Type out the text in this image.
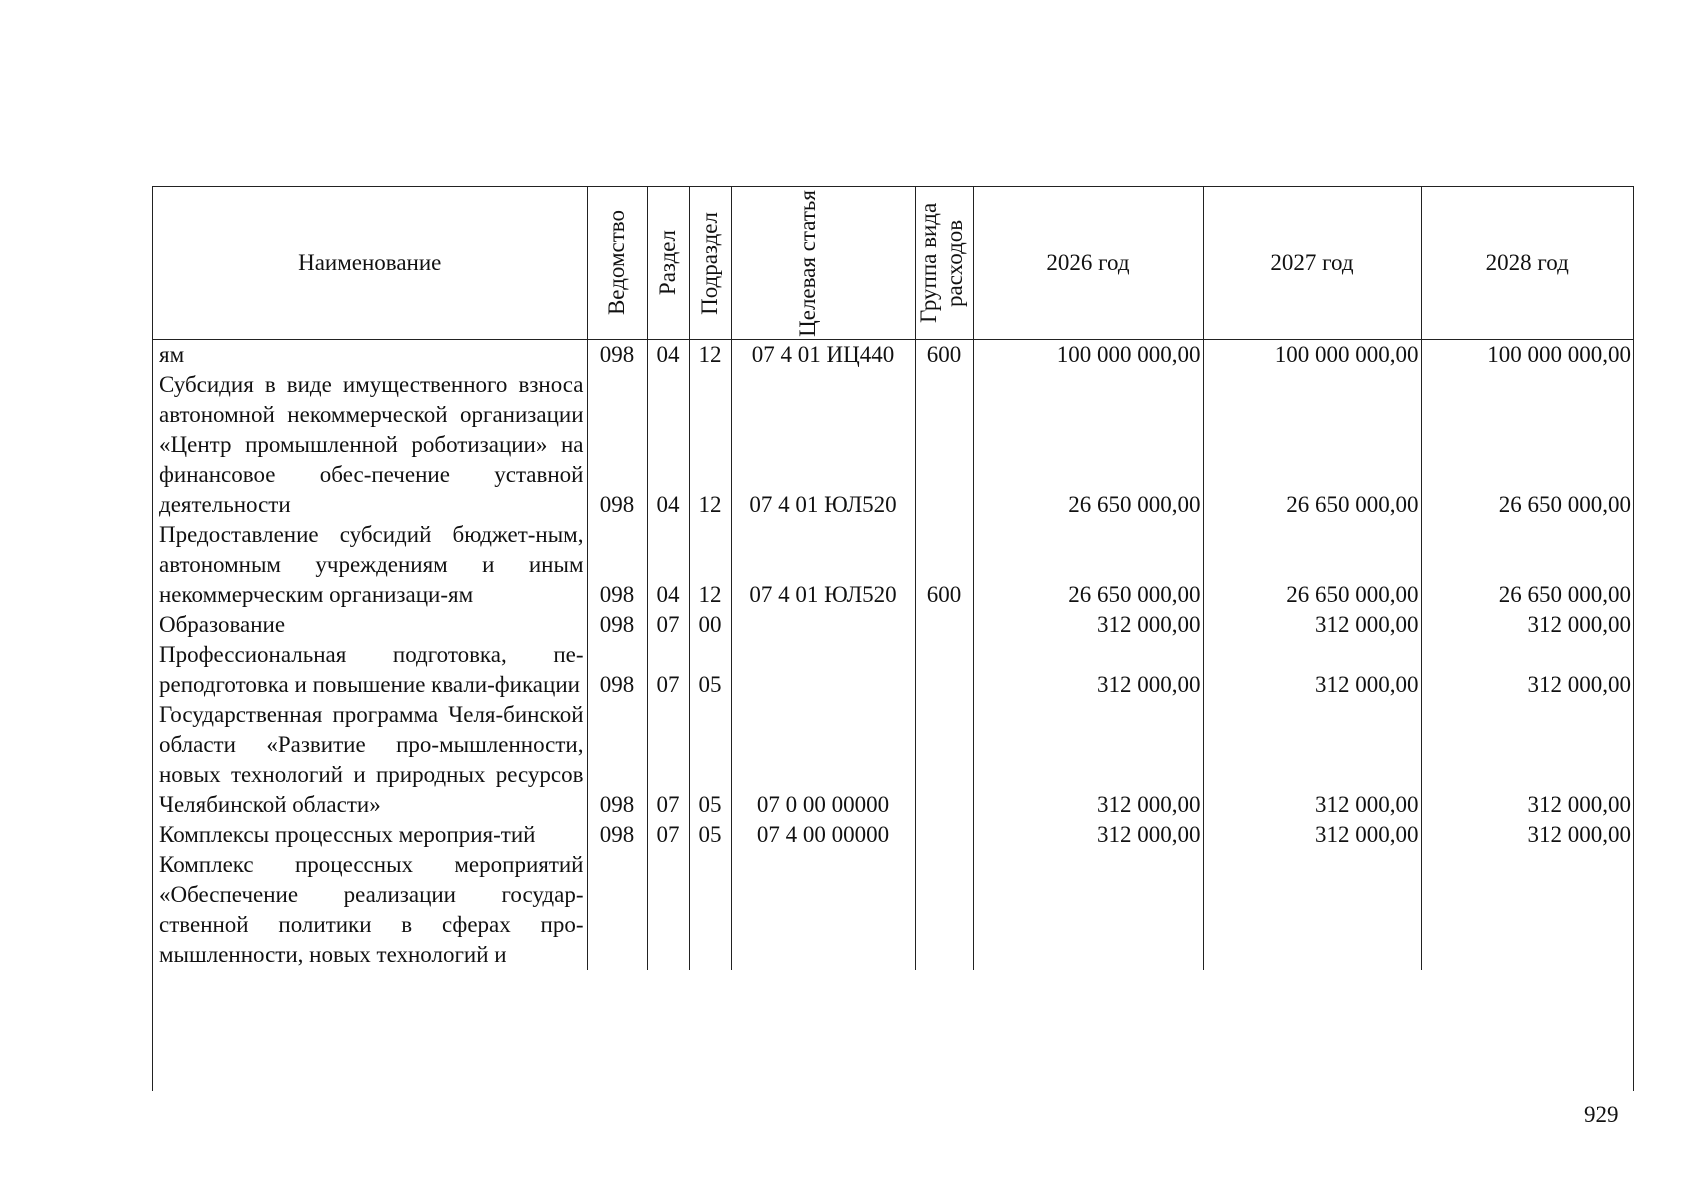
Наименование	Ведомство	Раздел	Подраздел	Целевая статья	Группа вида расходов	2026 год	2027 год	2028 год
ям	098	04	12	07 4 01 ИЦ440	600	100 000 000,00	100 000 000,00	100 000 000,00
Субсидия в виде имущественного взноса автономной некоммерческой организации «Центр промышленной роботизации» на финансовое обес-печение уставной деятельности	098	04	12	07 4 01 ЮЛ520		26 650 000,00	26 650 000,00	26 650 000,00
Предоставление субсидий бюджет-ным, автономным учреждениям и иным некоммерческим организаци-ям	098	04	12	07 4 01 ЮЛ520	600	26 650 000,00	26 650 000,00	26 650 000,00
Образование	098	07	00			312 000,00	312 000,00	312 000,00
Профессиональная подготовка, пе-реподготовка и повышение квали-фикации	098	07	05			312 000,00	312 000,00	312 000,00
Государственная программа Челя-бинской области «Развитие про-мышленности, новых технологий и природных ресурсов Челябинской области»	098	07	05	07 0 00 00000		312 000,00	312 000,00	312 000,00
Комплексы процессных мероприя-тий	098	07	05	07 4 00 00000		312 000,00	312 000,00	312 000,00
Комплекс процессных мероприятий «Обеспечение реализации государ-ственной политики в сферах про-мышленности, новых технологий и								
929
